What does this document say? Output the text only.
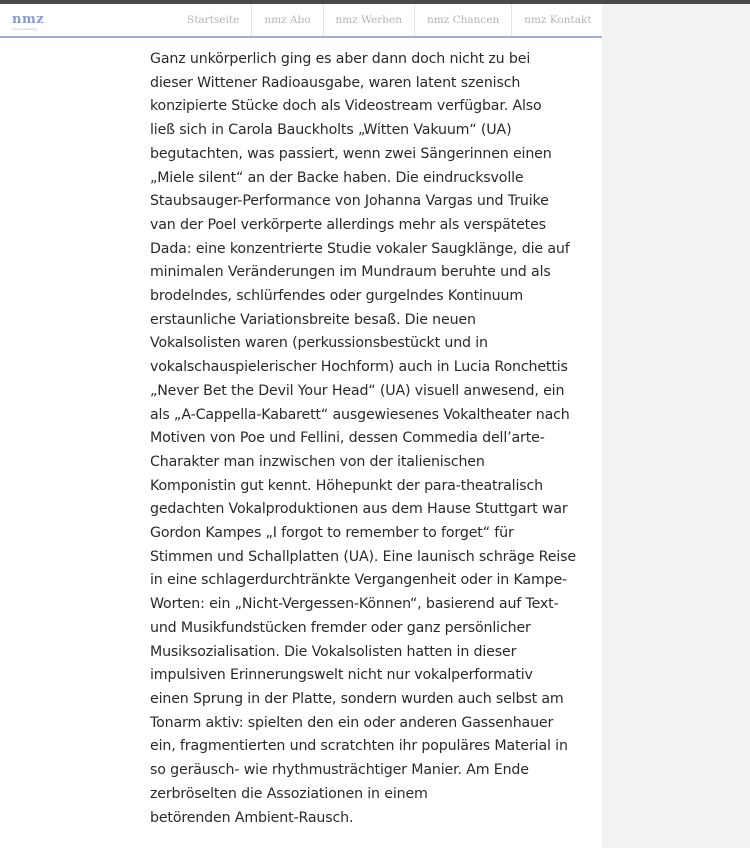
nmz
neue musikzeitung
Startseite	nmz Abo	nmz Werben	nmz Chancen	nmz Kontakt

Ganz unkörperlich ging es aber dann doch nicht zu bei
dieser Wittener Radioausgabe, waren latent szenisch
konzipierte Stücke doch als Videostream verfügbar. Also
ließ sich in Carola Bauckholts „Witten Vakuum“ (UA)
begutachten, was passiert, wenn zwei Sängerinnen einen
„Miele silent“ an der Backe haben. Die eindrucksvolle
Staubsauger-Performance von Johanna Vargas und Truike
van der Poel verkörperte allerdings mehr als verspätetes
Dada: eine konzentrierte Studie vokaler Saugklänge, die auf
minimalen Veränderungen im Mundraum beruhte und als
brodelndes, schlürfendes oder gurgelndes Kontinuum
erstaunliche Variationsbreite besaß. Die neuen
Vokalsolisten waren (perkussionsbestückt und in
vokalschauspielerischer Hochform) auch in Lucia Ronchettis
„Never Bet the Devil Your Head“ (UA) visuell anwesend, ein
als „A-Cappella-Kabarett“ ausgewiesenes Vokaltheater nach
Motiven von Poe und Fellini, dessen Commedia dell’arte-
Charakter man inzwischen von der italienischen
Komponistin gut kennt. Höhepunkt der para-theatralisch
gedachten Vokalproduktionen aus dem Hause Stuttgart war
Gordon Kampes „I forgot to remember to forget“ für
Stimmen und Schallplatten (UA). Eine launisch schräge Reise
in eine schlagerdurchtränkte Vergangenheit oder in Kampe-
Worten: ein „Nicht-Vergessen-Können“, basierend auf Text-
und Musikfundstücken fremder oder ganz persönlicher
Musiksozialisation. Die Vokalsolisten hatten in dieser
impulsiven Erinnerungswelt nicht nur vokalperformativ
einen Sprung in der Platte, sondern wurden auch selbst am
Tonarm aktiv: spielten den ein oder anderen Gassenhauer
ein, fragmentierten und scratchten ihr populäres Material in
so geräusch- wie rhythmusträchtiger Manier. Am Ende
zerbröselten die Assoziationen in einem
betörenden Ambient-Rausch.
